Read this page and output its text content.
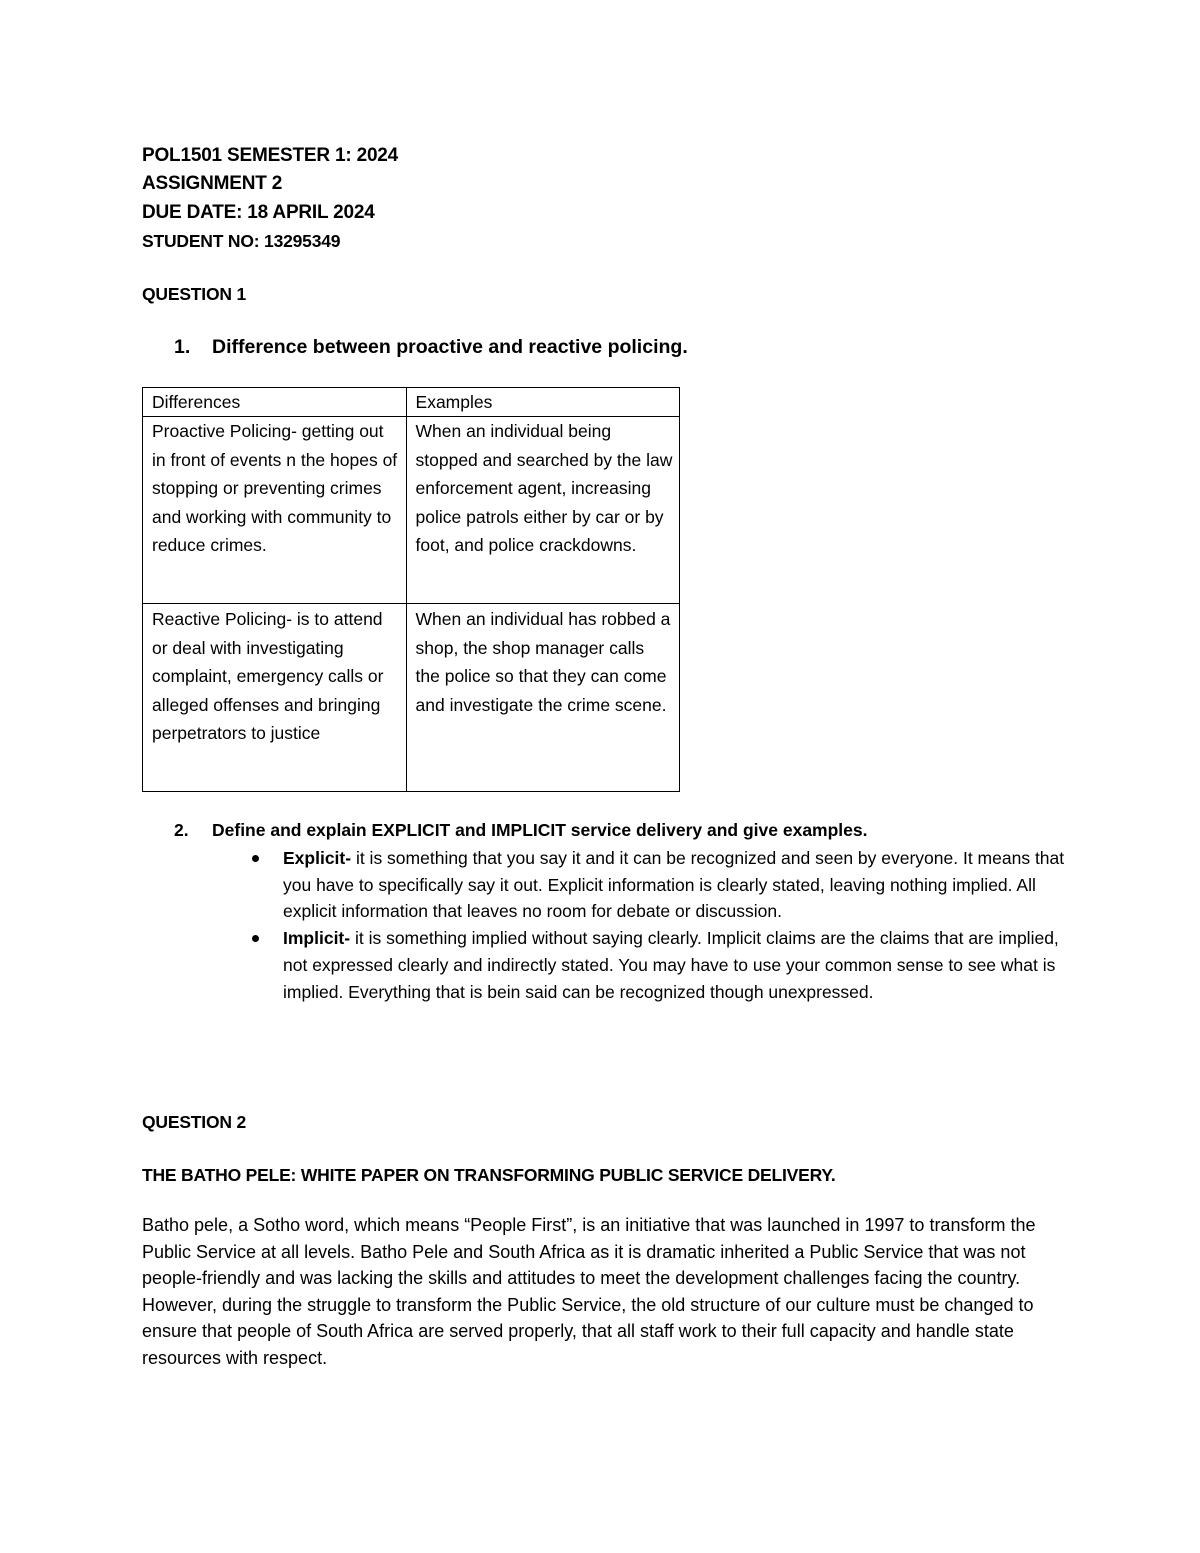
POL1501 SEMESTER 1: 2024
ASSIGNMENT 2
DUE DATE: 18 APRIL 2024
STUDENT NO: 13295349
QUESTION 1
1. Difference between proactive and reactive policing.
Differences	Examples
Proactive Policing- getting out in front of events n the hopes of stopping or preventing crimes and working with community to reduce crimes.	When an individual being stopped and searched by the law enforcement agent, increasing police patrols either by car or by foot, and police crackdowns.
Reactive Policing- is to attend or deal with investigating complaint, emergency calls or alleged offenses and bringing perpetrators to justice	When an individual has robbed a shop, the shop manager calls the police so that they can come and investigate the crime scene.
2. Define and explain EXPLICIT and IMPLICIT service delivery and give examples.
Explicit- it is something that you say it and it can be recognized and seen by everyone. It means that you have to specifically say it out. Explicit information is clearly stated, leaving nothing implied. All explicit information that leaves no room for debate or discussion.
Implicit- it is something implied without saying clearly. Implicit claims are the claims that are implied, not expressed clearly and indirectly stated. You may have to use your common sense to see what is implied. Everything that is bein said can be recognized though unexpressed.
QUESTION 2
THE BATHO PELE: WHITE PAPER ON TRANSFORMING PUBLIC SERVICE DELIVERY.
Batho pele, a Sotho word, which means “People First”, is an initiative that was launched in 1997 to transform the Public Service at all levels. Batho Pele and South Africa as it is dramatic inherited a Public Service that was not people-friendly and was lacking the skills and attitudes to meet the development challenges facing the country. However, during the struggle to transform the Public Service, the old structure of our culture must be changed to ensure that people of South Africa are served properly, that all staff work to their full capacity and handle state resources with respect.
